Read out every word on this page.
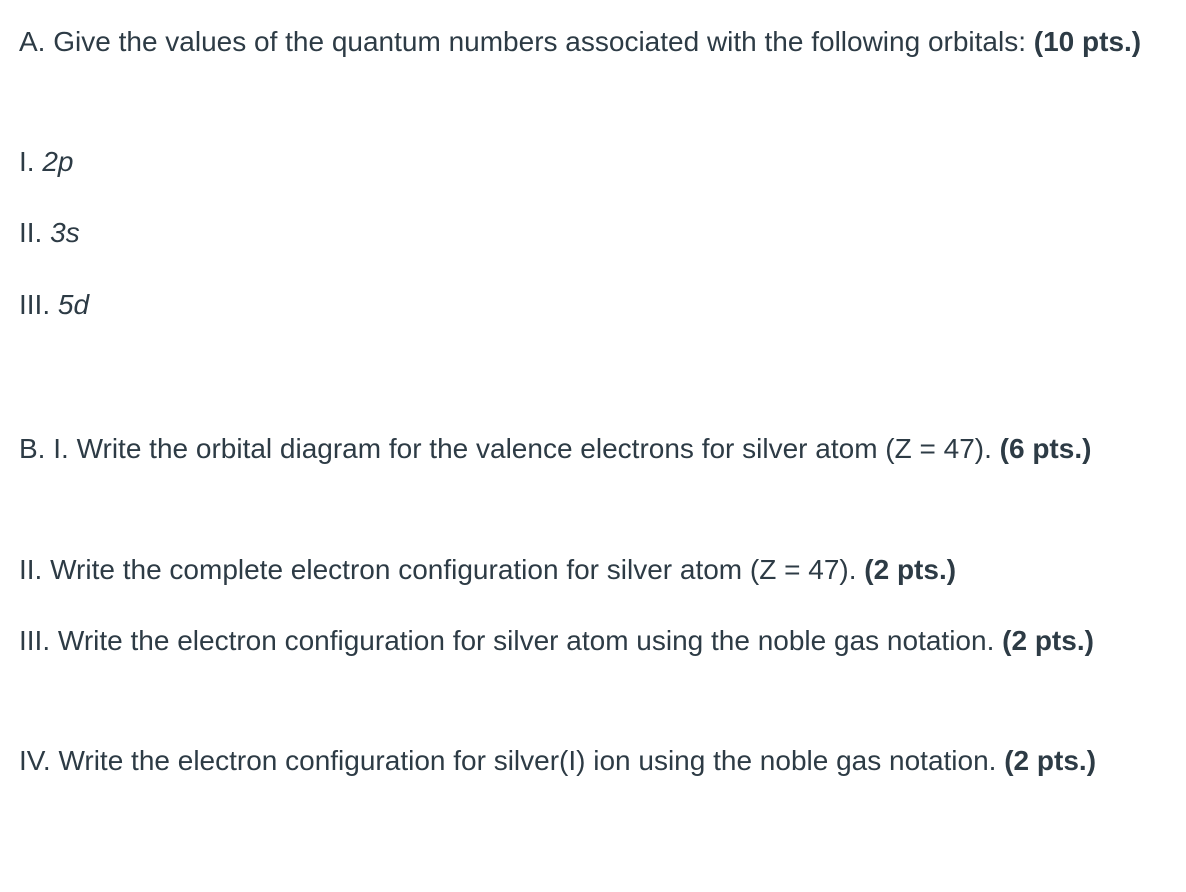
A. Give the values of the quantum numbers associated with the following orbitals: (10 pts.)

I. 2p

II. 3s

III. 5d

B. I. Write the orbital diagram for the valence electrons for silver atom (Z = 47). (6 pts.)

II. Write the complete electron configuration for silver atom (Z = 47). (2 pts.)

III. Write the electron configuration for silver atom using the noble gas notation. (2 pts.)

IV. Write the electron configuration for silver(I) ion using the noble gas notation. (2 pts.)
